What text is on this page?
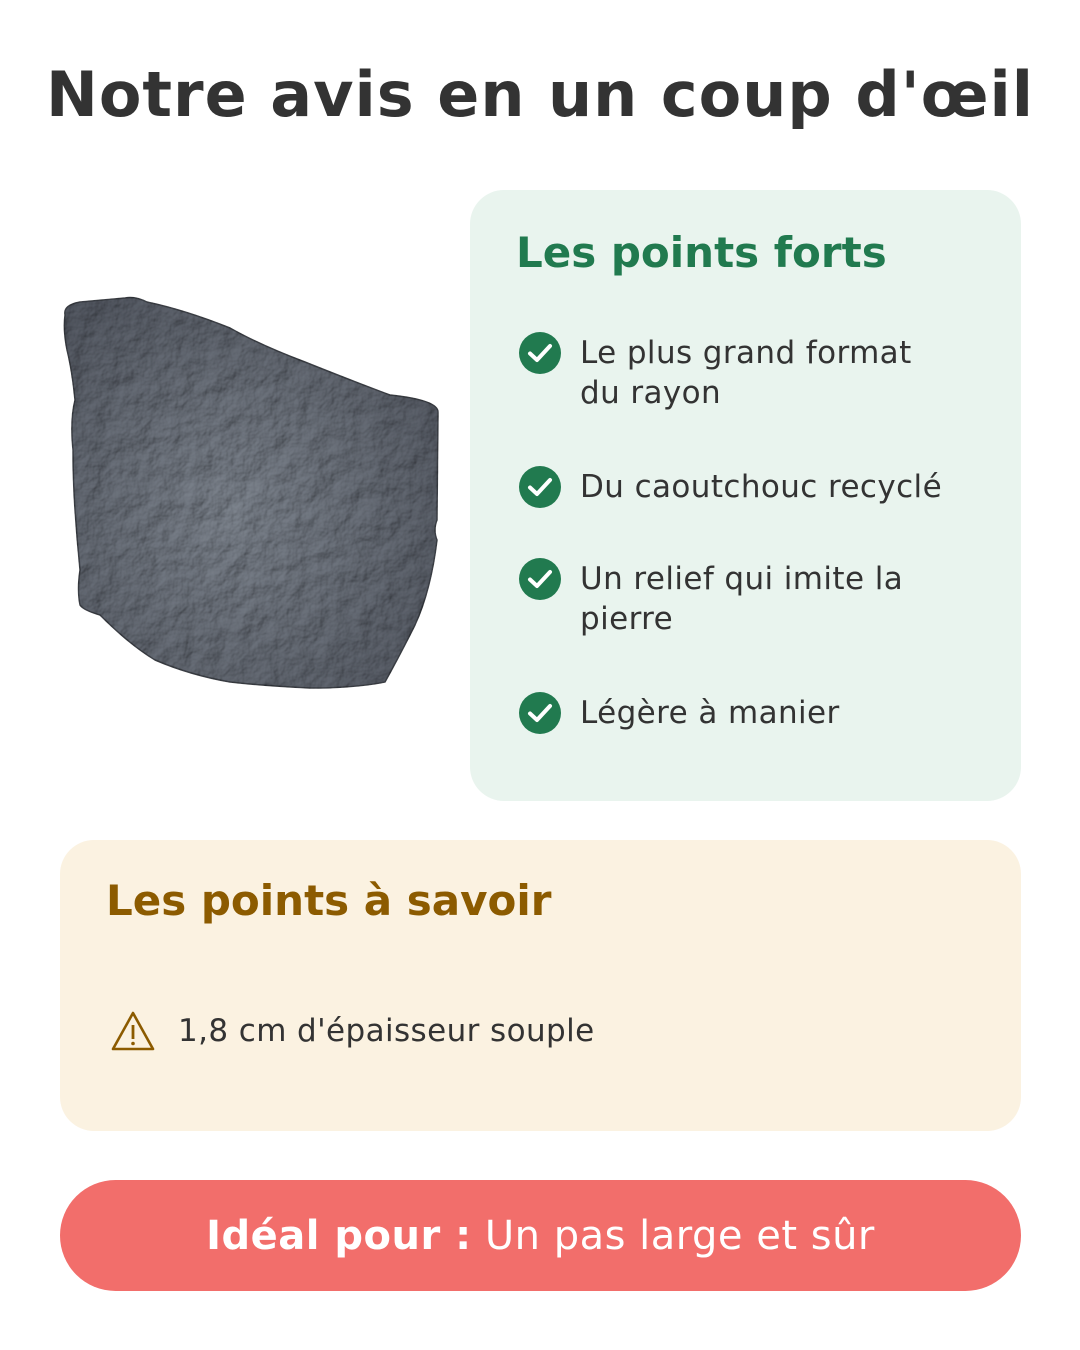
Notre avis en un coup d'œil
Les points forts
Le plus grand format du rayon
Du caoutchouc recyclé
Un relief qui imite la pierre
Légère à manier
Les points à savoir
1,8 cm d'épaisseur souple
Idéal pour :
Un pas large et sûr
